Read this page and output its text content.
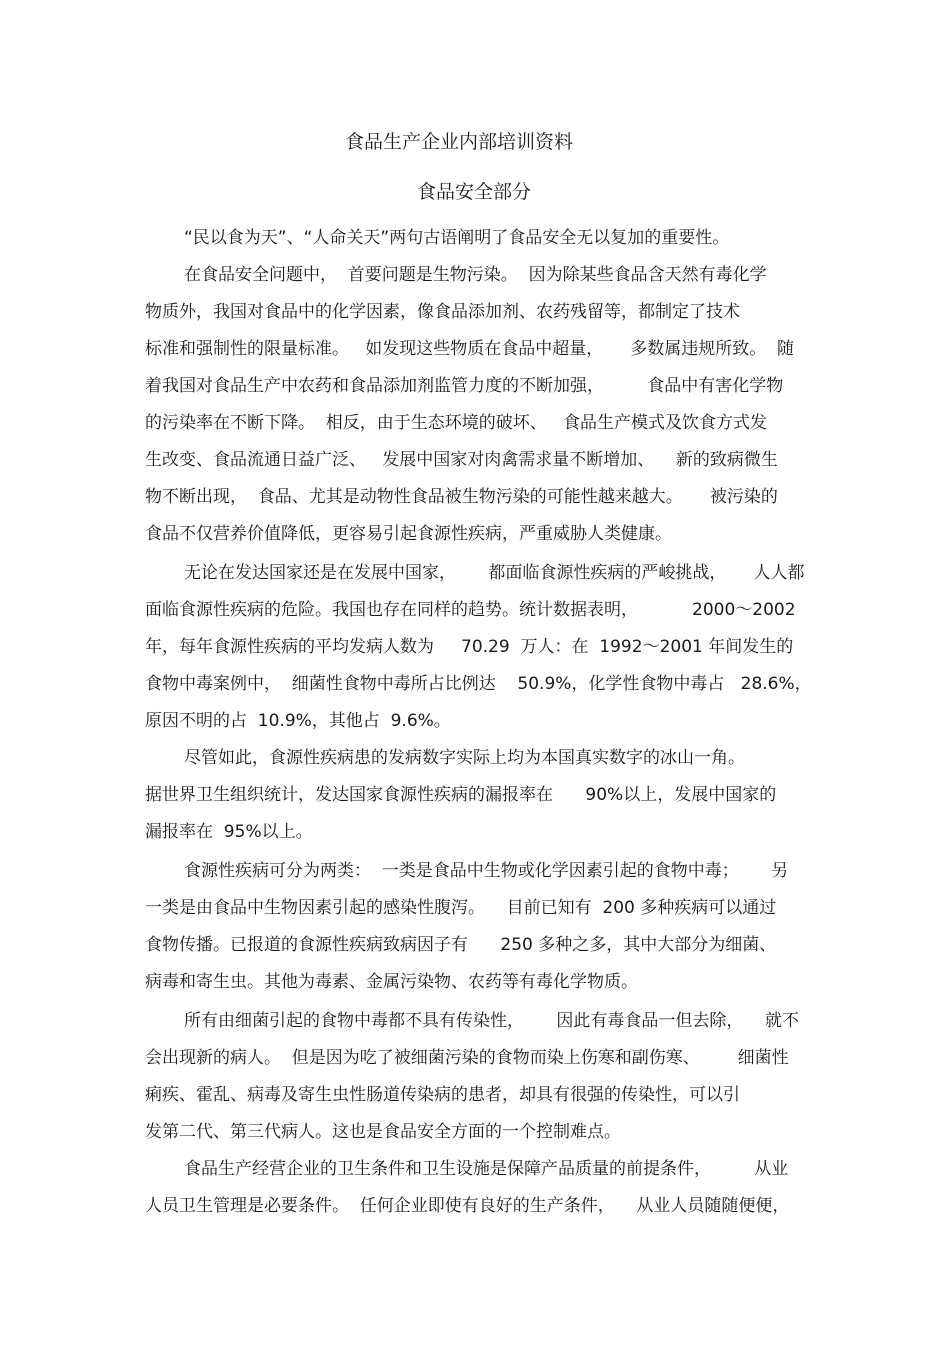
食品生产企业内部培训资料
食品安全部分
“民以食为天”、“人命关天”两句古语阐明了食品安全无以复加的重要性。
在食品安全问题中，  首要问题是生物污染。  因为除某些食品含天然有毒化学
物质外，我国对食品中的化学因素，像食品添加剂、农药残留等，都制定了技术
标准和强制性的限量标准。   如发现这些物质在食品中超量，     多数属违规所致。  随
着我国对食品生产中农药和食品添加剂监管力度的不断加强，        食品中有害化学物
的污染率在不断下降。  相反，由于生态环境的破坏、   食品生产模式及饮食方式发
生改变、食品流通日益广泛、   发展中国家对肉禽需求量不断增加、    新的致病微生
物不断出现，  食品、尤其是动物性食品被生物污染的可能性越来越大。     被污染的
食品不仅营养价值降低，更容易引起食源性疾病，严重威胁人类健康。
无论在发达国家还是在发展中国家，      都面临食源性疾病的严峻挑战，     人人都
面临食源性疾病的危险。我国也存在同样的趋势。统计数据表明，          2000～2002
年，每年食源性疾病的平均发病人数为     70.29  万人：在  1992～2001 年间发生的
食物中毒案例中，  细菌性食物中毒所占比例达    50.9%，化学性食物中毒占   28.6%，
原因不明的占  10.9%，其他占  9.6%。
尽管如此，食源性疾病患的发病数字实际上均为本国真实数字的冰山一角。
据世界卫生组织统计，发达国家食源性疾病的漏报率在      90%以上，发展中国家的
漏报率在  95%以上。
食源性疾病可分为两类：  一类是食品中生物或化学因素引起的食物中毒；      另
一类是由食品中生物因素引起的感染性腹泻。    目前已知有  200 多种疾病可以通过
食物传播。已报道的食源性疾病致病因子有      250 多种之多，其中大部分为细菌、
病毒和寄生虫。其他为毒素、金属污染物、农药等有毒化学物质。
所有由细菌引起的食物中毒都不具有传染性，      因此有毒食品一但去除，    就不
会出现新的病人。  但是因为吃了被细菌污染的食物而染上伤寒和副伤寒、       细菌性
痢疾、霍乱、病毒及寄生虫性肠道传染病的患者，却具有很强的传染性，可以引
发第二代、第三代病人。这也是食品安全方面的一个控制难点。
食品生产经营企业的卫生条件和卫生设施是保障产品质量的前提条件，        从业
人员卫生管理是必要条件。  任何企业即使有良好的生产条件，    从业人员随随便便，
